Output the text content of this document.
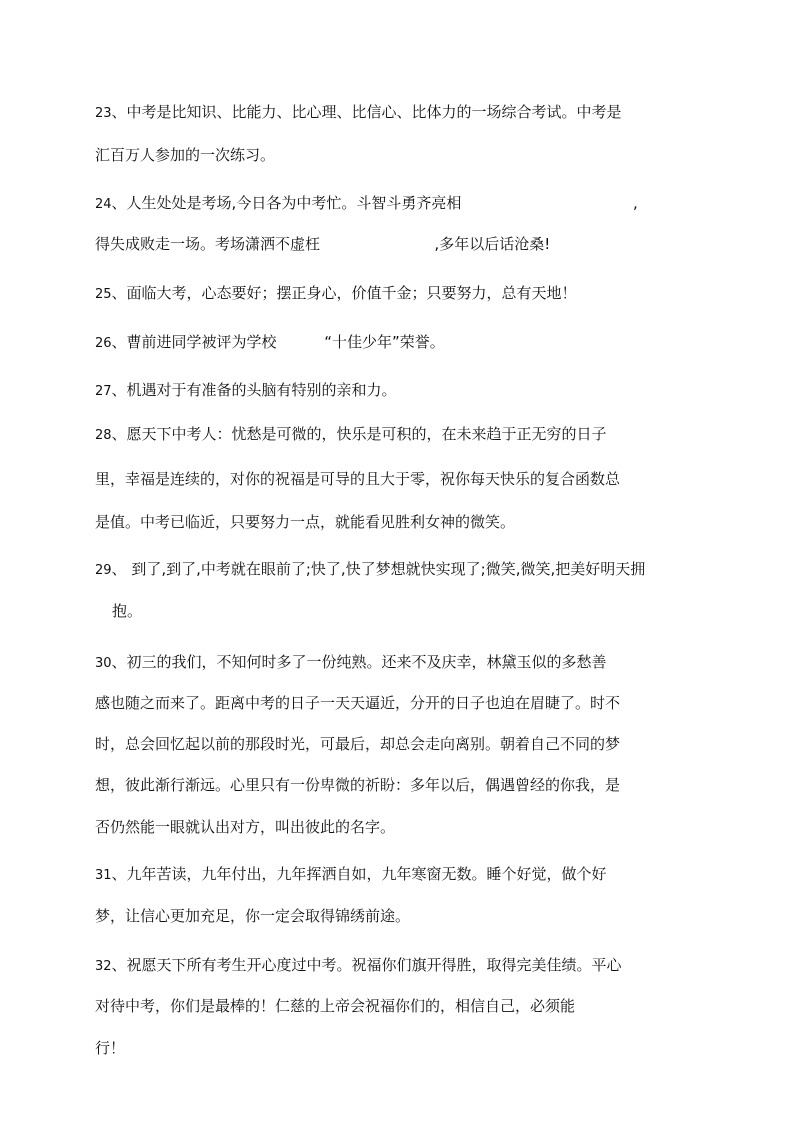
23、中考是比知识、比能力、比心理、比信心、比体力的一场综合考试。中考是
汇百万人参加的一次练习。
24、人生处处是考场,今日各为中考忙。斗智斗勇齐亮相                                    ,
得失成败走一场。考场潇洒不虚枉                        ,多年以后话沧桑!
25、面临大考，心态要好；摆正身心，价值千金；只要努力，总有天地！
26、曹前进同学被评为学校          “十佳少年”荣誉。
27、机遇对于有准备的头脑有特别的亲和力。
28、愿天下中考人：忧愁是可微的，快乐是可积的，在未来趋于正无穷的日子
里，幸福是连续的，对你的祝福是可导的且大于零，祝你每天快乐的复合函数总
是值。中考已临近，只要努力一点，就能看见胜利女神的微笑。
29、 到了,到了,中考就在眼前了;快了,快了梦想就快实现了;微笑,微笑,把美好明天拥
抱。
30、初三的我们，不知何时多了一份纯熟。还来不及庆幸，林黛玉似的多愁善
感也随之而来了。距离中考的日子一天天逼近，分开的日子也迫在眉睫了。时不
时，总会回忆起以前的那段时光，可最后，却总会走向离别。朝着自己不同的梦
想，彼此渐行渐远。心里只有一份卑微的祈盼：多年以后，偶遇曾经的你我，是
否仍然能一眼就认出对方，叫出彼此的名字。
31、九年苦读，九年付出，九年挥洒自如，九年寒窗无数。睡个好觉，做个好
梦，让信心更加充足，你一定会取得锦绣前途。
32、祝愿天下所有考生开心度过中考。祝福你们旗开得胜，取得完美佳绩。平心
对待中考，你们是最棒的！仁慈的上帝会祝福你们的，相信自己，必须能
行！
